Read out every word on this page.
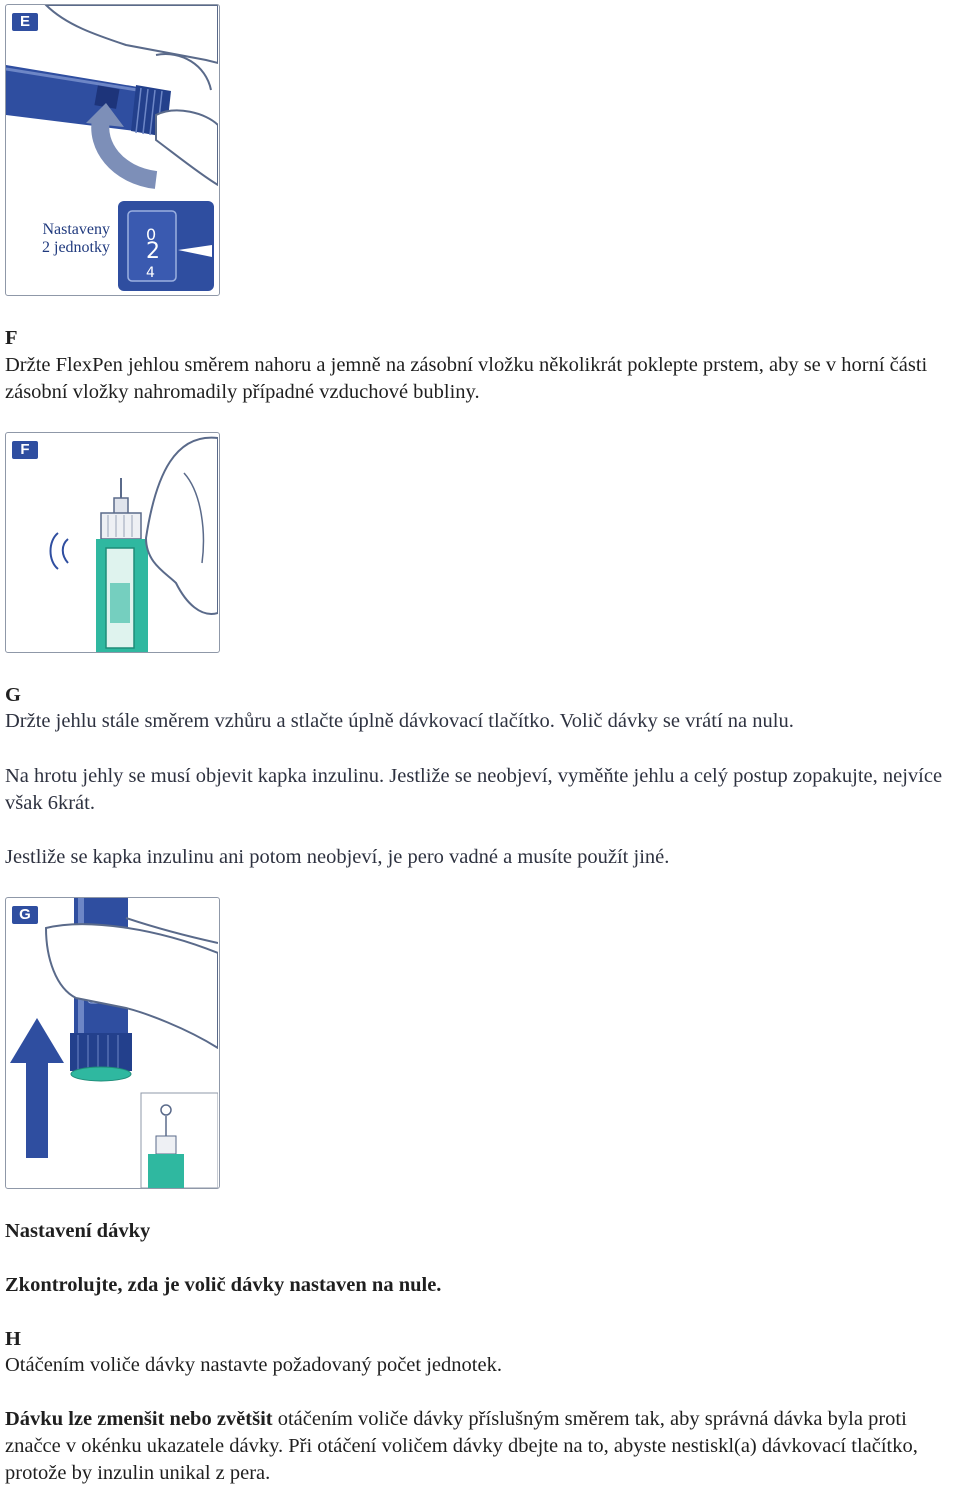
0
2
4
E
Nastaveny
2 jednotky

F

Držte FlexPen jehlou směrem nahoru a jemně na zásobní vložku několikrát poklepte prstem, aby se v horní části zásobní vložky nahromadily případné vzduchové bubliny.

F

G

Držte jehlu stále směrem vzhůru a stlačte úplně dávkovací tlačítko. Volič dávky se vrátí na nulu.

Na hrotu jehly se musí objevit kapka inzulinu. Jestliže se neobjeví, vyměňte jehlu a celý postup zopakujte, nejvíce však 6krát.

Jestliže se kapka inzulinu ani potom neobjeví, je pero vadné a musíte použít jiné.

G

Nastavení dávky

Zkontrolujte, zda je volič dávky nastaven na nule.

H

Otáčením voliče dávky nastavte požadovaný počet jednotek.

Dávku lze zmenšit nebo zvětšit otáčením voliče dávky příslušným směrem tak, aby správná dávka byla proti značce v okénku ukazatele dávky. Při otáčení voličem dávky dbejte na to, abyste nestiskl(a) dávkovací tlačítko, protože by inzulin unikal z pera.
